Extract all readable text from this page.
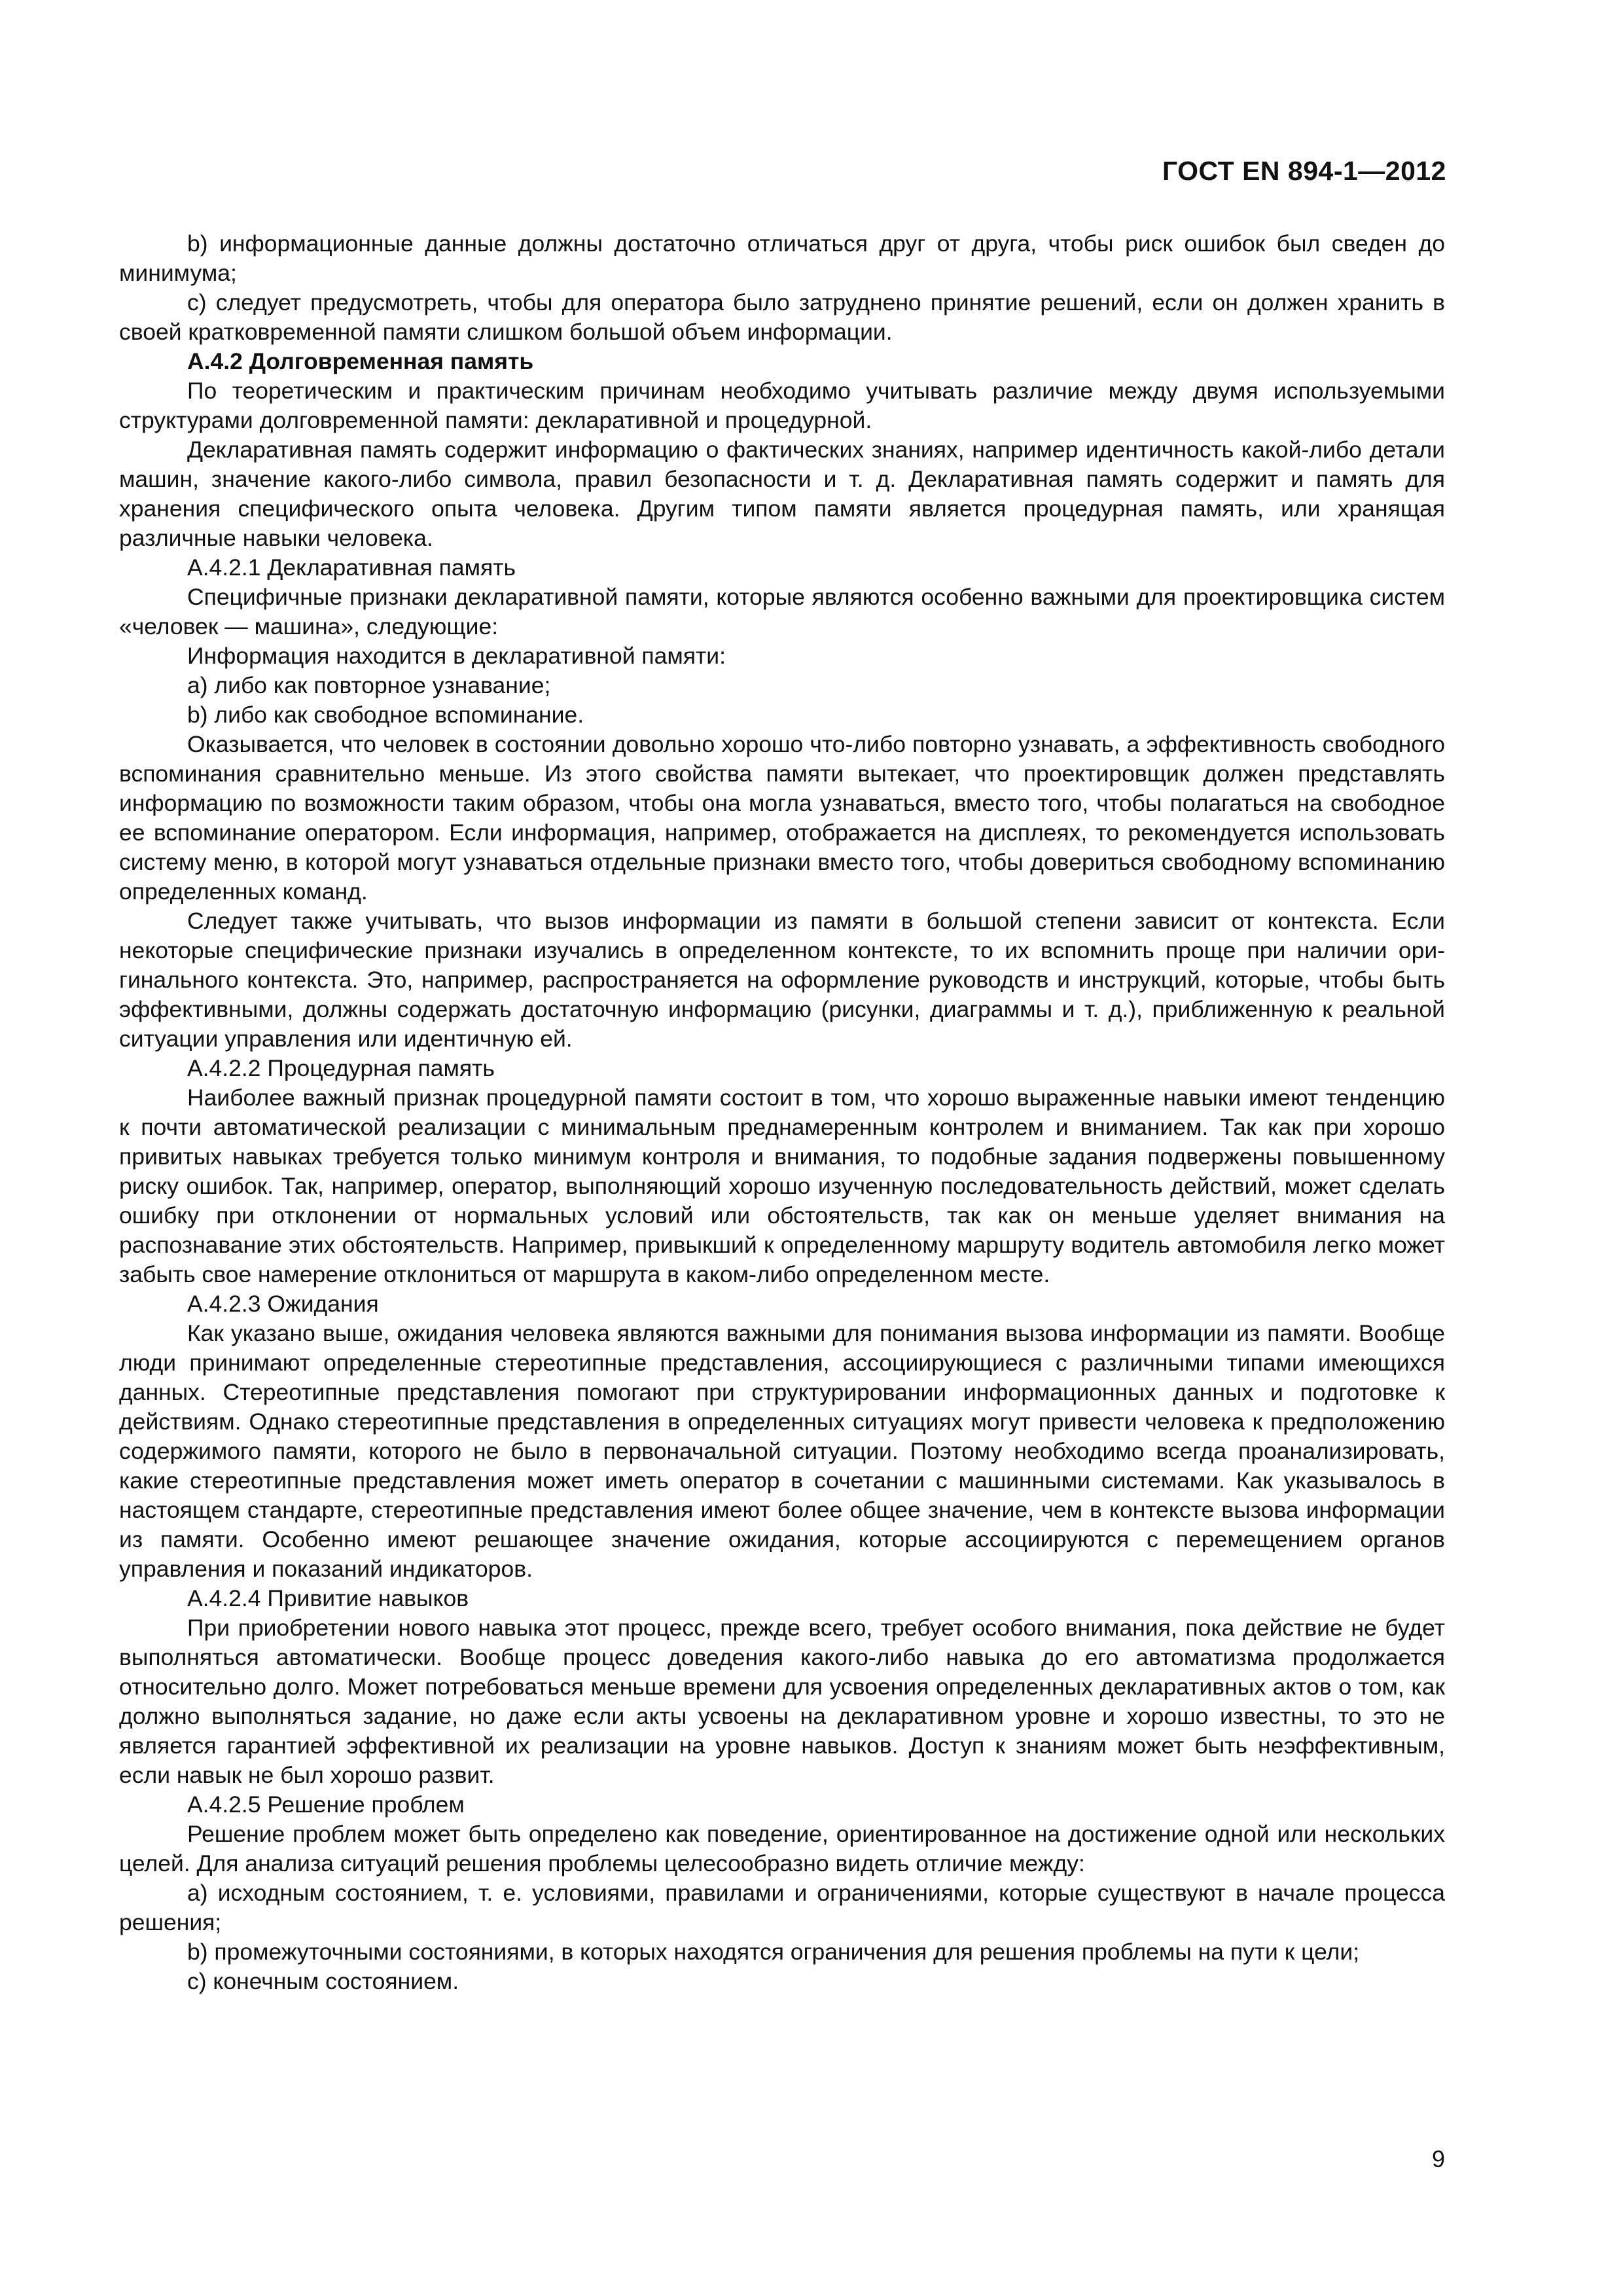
ГОСТ EN 894-1—2012

b) информационные данные должны достаточно отличаться друг от друга, чтобы риск ошибок был сведен до минимума;

c) следует предусмотреть, чтобы для оператора было затруднено принятие решений, если он должен хранить в своей кратковременной памяти слишком большой объем информации.

А.4.2 Долговременная память

По теоретическим и практическим причинам необходимо учитывать различие между двумя используемыми структурами долговременной памяти: декларативной и процедурной.

Декларативная память содержит информацию о фактических знаниях, например идентичность какой-либо детали машин, значение какого-либо символа, правил безопасности и т. д. Декларативная память содержит и память для хранения специфического опыта человека. Другим типом памяти является процедурная память, или хранящая различные навыки человека.

А.4.2.1 Декларативная память

Специфичные признаки декларативной памяти, которые являются особенно важными для проектировщика систем «человек — машина», следующие:

Информация находится в декларативной памяти:

a) либо как повторное узнавание;

b) либо как свободное вспоминание.

Оказывается, что человек в состоянии довольно хорошо что-либо повторно узнавать, а эффективность свободного вспоминания сравнительно меньше. Из этого свойства памяти вытекает, что проектировщик должен представлять информацию по возможности таким образом, чтобы она могла узнаваться, вместо того, чтобы полагаться на свободное ее вспоминание оператором. Если информация, например, отображается на дисплеях, то рекомендуется использовать систему меню, в которой могут узнаваться отдельные признаки вместо того, чтобы довериться свободному вспоминанию определенных команд.

Следует также учитывать, что вызов информации из памяти в большой степени зависит от контекста. Если некоторые специфические признаки изучались в определенном контексте, то их вспомнить проще при наличии оригинального контекста. Это, например, распространяется на оформление руководств и инструкций, которые, чтобы быть эффективными, должны содержать достаточную информацию (рисунки, диаграммы и т. д.), приближенную к реальной ситуации управления или идентичную ей.

А.4.2.2 Процедурная память

Наиболее важный признак процедурной памяти состоит в том, что хорошо выраженные навыки имеют тенденцию к почти автоматической реализации с минимальным преднамеренным контролем и вниманием. Так как при хорошо привитых навыках требуется только минимум контроля и внимания, то подобные задания подвержены повышенному риску ошибок. Так, например, оператор, выполняющий хорошо изученную последовательность действий, может сделать ошибку при отклонении от нормальных условий или обстоятельств, так как он меньше уделяет внимания на распознавание этих обстоятельств. Например, привыкший к определенному маршруту водитель автомобиля легко может забыть свое намерение отклониться от маршрута в каком-либо определенном месте.

А.4.2.3 Ожидания

Как указано выше, ожидания человека являются важными для понимания вызова информации из памяти. Вообще люди принимают определенные стереотипные представления, ассоциирующиеся с различными типами имеющихся данных. Стереотипные представления помогают при структурировании информационных данных и подготовке к действиям. Однако стереотипные представления в определенных ситуациях могут привести человека к предположению содержимого памяти, которого не было в первоначальной ситуации. Поэтому необходимо всегда проанализировать, какие стереотипные представления может иметь оператор в сочетании с машинными системами. Как указывалось в настоящем стандарте, стереотипные представления имеют более общее значение, чем в контексте вызова информации из памяти. Особенно имеют решающее значение ожидания, которые ассоциируются с перемещением органов управления и показаний индикаторов.

А.4.2.4 Привитие навыков

При приобретении нового навыка этот процесс, прежде всего, требует особого внимания, пока действие не будет выполняться автоматически. Вообще процесс доведения какого-либо навыка до его автоматизма продолжается относительно долго. Может потребоваться меньше времени для усвоения определенных декларативных актов о том, как должно выполняться задание, но даже если акты усвоены на декларативном уровне и хорошо известны, то это не является гарантией эффективной их реализации на уровне навыков. Доступ к знаниям может быть неэффективным, если навык не был хорошо развит.

А.4.2.5 Решение проблем

Решение проблем может быть определено как поведение, ориентированное на достижение одной или нескольких целей. Для анализа ситуаций решения проблемы целесообразно видеть отличие между:

a) исходным состоянием, т. е. условиями, правилами и ограничениями, которые существуют в начале процесса решения;

b) промежуточными состояниями, в которых находятся ограничения для решения проблемы на пути к цели;

c) конечным состоянием.

9
